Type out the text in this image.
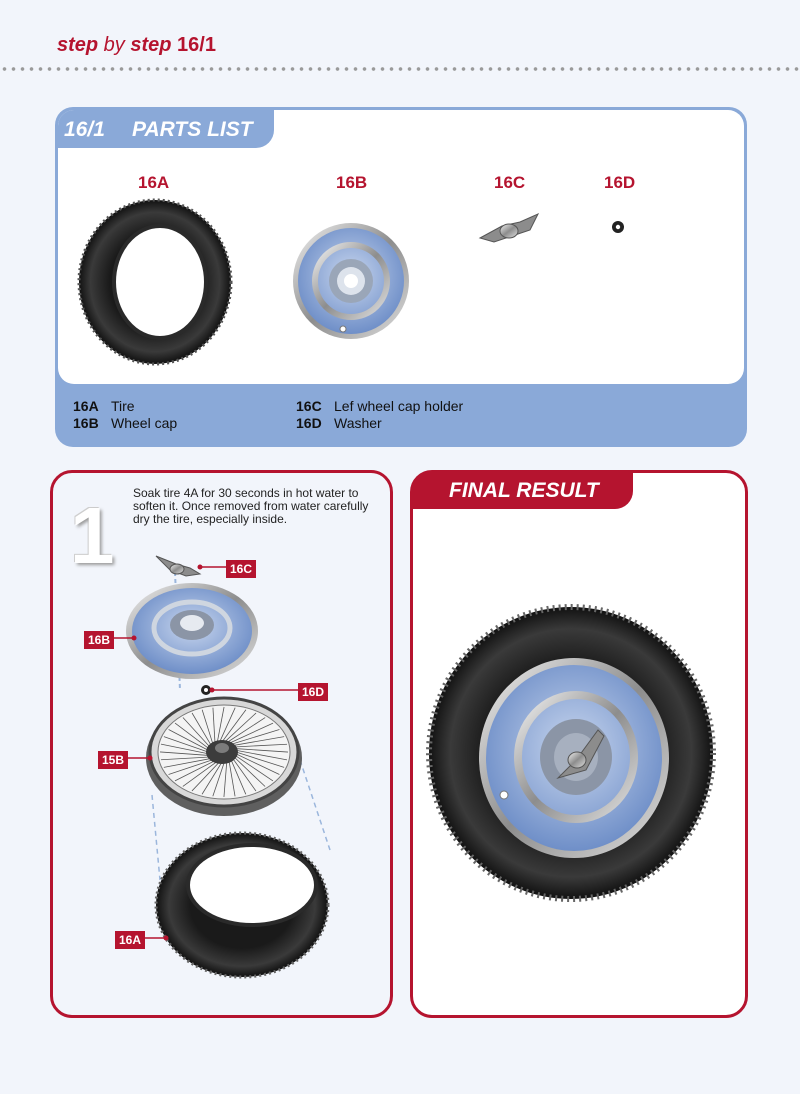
step by step 16/1
16/1 PARTS LIST
16A	16B	16C	16D
16A Tire
16B Wheel cap
16C Lef wheel cap holder
16D Washer
1 Soak tire 4A for 30 seconds in hot water to soften it. Once removed from water carefully dry the tire, especially inside.
16C
16B
16D
15B
16A
FINAL RESULT
